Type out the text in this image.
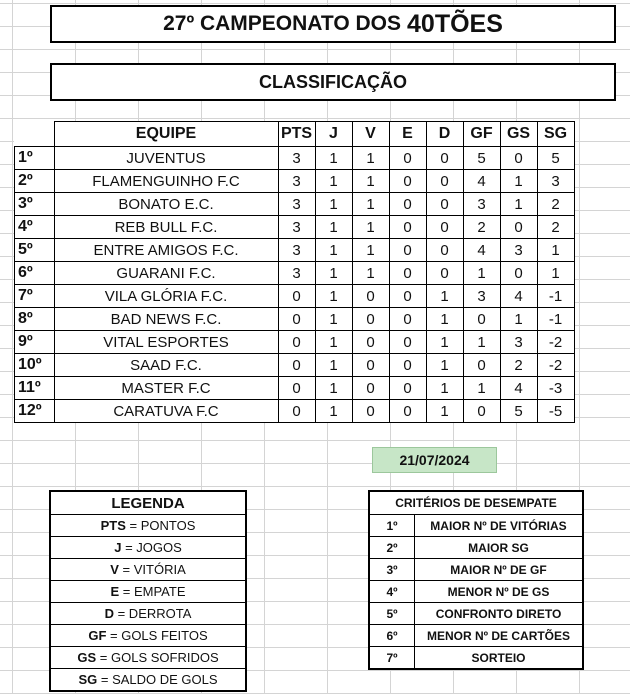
27º CAMPEONATO DOS 40TÕES
CLASSIFICAÇÃO
	EQUIPE	PTS	J	V	E	D	GF	GS	SG
1º	JUVENTUS	3	1	1	0	0	5	0	5
2º	FLAMENGUINHO F.C	3	1	1	0	0	4	1	3
3º	BONATO E.C.	3	1	1	0	0	3	1	2
4º	REB BULL F.C.	3	1	1	0	0	2	0	2
5º	ENTRE AMIGOS F.C.	3	1	1	0	0	4	3	1
6º	GUARANI F.C.	3	1	1	0	0	1	0	1
7º	VILA GLÓRIA F.C.	0	1	0	0	1	3	4	-1
8º	BAD NEWS F.C.	0	1	0	0	1	0	1	-1
9º	VITAL ESPORTES	0	1	0	0	1	1	3	-2
10º	SAAD F.C.	0	1	0	0	1	0	2	-2
11º	MASTER F.C	0	1	0	0	1	1	4	-3
12º	CARATUVA F.C	0	1	0	0	1	0	5	-5
21/07/2024
LEGENDA
PTS = PONTOS
J = JOGOS
V = VITÓRIA
E = EMPATE
D = DERROTA
GF = GOLS FEITOS
GS = GOLS SOFRIDOS
SG = SALDO DE GOLS
CRITÉRIOS DE DESEMPATE	
1º	MAIOR Nº DE VITÓRIAS
2º	MAIOR SG
3º	MAIOR Nº DE GF
4º	MENOR Nº DE GS
5º	CONFRONTO DIRETO
6º	MENOR Nº DE CARTÕES
7º	SORTEIO
